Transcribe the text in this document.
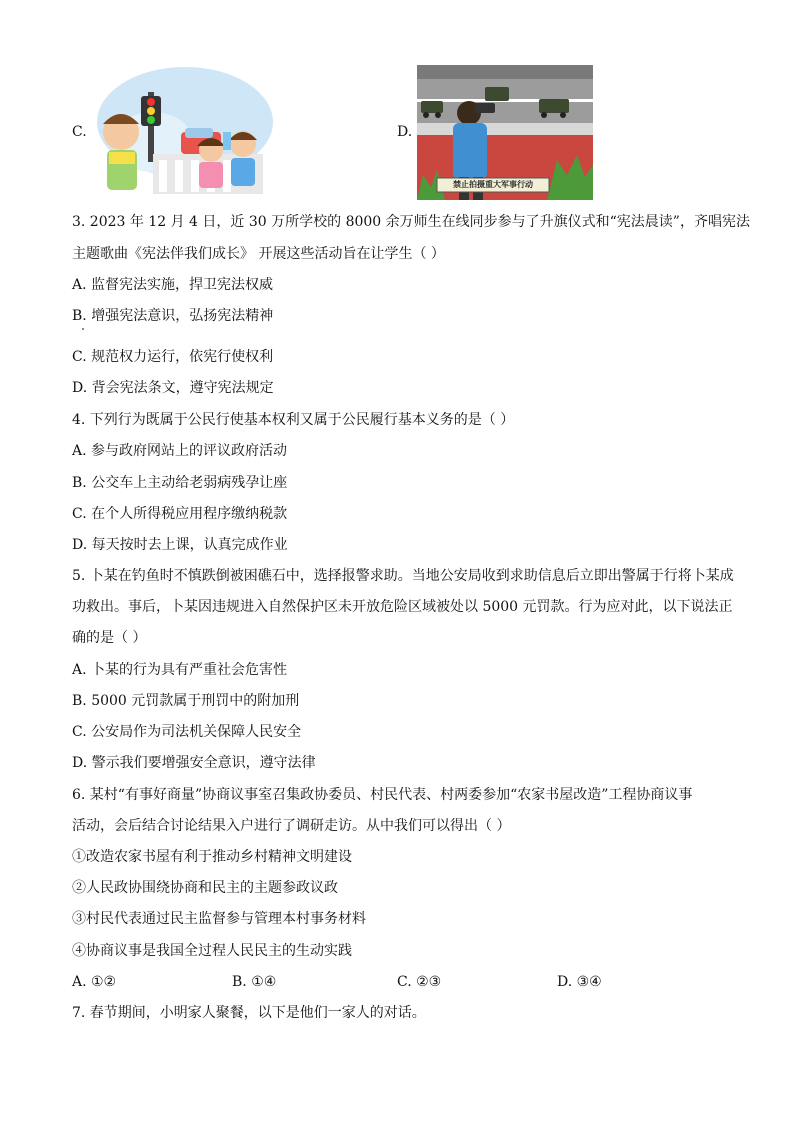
C.	D.
禁止拍摄重大军事行动
3. 2023 年 12 月 4 日，近 30 万所学校的 8000 余万师生在线同步参与了升旗仪式和“宪法晨读”，齐唱宪法
主题歌曲《宪法伴我们成长》 开展这些活动旨在让学生（ ）
A. 监督宪法实施，捍卫宪法权威
B. 增强宪法意识，弘扬宪法精神
C. 规范权力运行，依宪行使权利
D. 背会宪法条文，遵守宪法规定
4. 下列行为既属于公民行使基本权利又属于公民履行基本义务的是（ ）
A. 参与政府网站上的评议政府活动
B. 公交车上主动给老弱病残孕让座
C. 在个人所得税应用程序缴纳税款
D. 每天按时去上课，认真完成作业
5. 卜某在钓鱼时不慎跌倒被困礁石中，选择报警求助。当地公安局收到求助信息后立即出警属于行将卜某成
功救出。事后，卜某因违规进入自然保护区未开放危险区域被处以 5000 元罚款。行为应对此，以下说法正
确的是（ ）
A. 卜某的行为具有严重社会危害性
B. 5000 元罚款属于刑罚中的附加刑
C. 公安局作为司法机关保障人民安全
D. 警示我们要增强安全意识，遵守法律
6. 某村“有事好商量”协商议事室召集政协委员、村民代表、村两委参加“农家书屋改造”工程协商议事
活动，会后结合讨论结果入户进行了调研走访。从中我们可以得出（ ）
①改造农家书屋有利于推动乡村精神文明建设
②人民政协围绕协商和民主的主题参政议政
③村民代表通过民主监督参与管理本村事务材料
④协商议事是我国全过程人民民主的生动实践
A. ①②	B. ①④	C. ②③	D. ③④
7. 春节期间，小明家人聚餐，以下是他们一家人的对话。
